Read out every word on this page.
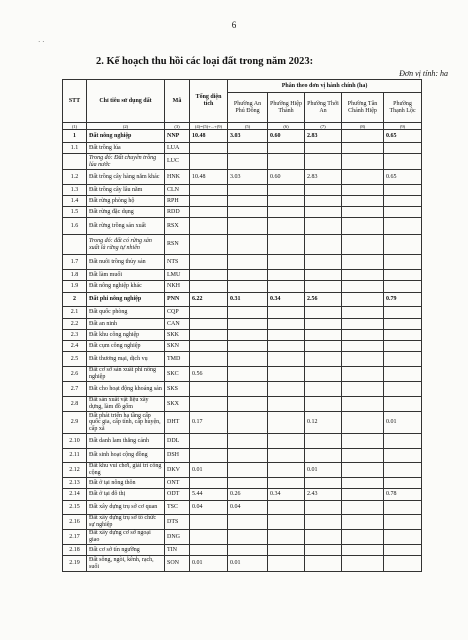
6
· ·
2. Kế hoạch thu hồi các loại đất trong năm 2023:
Đơn vị tính: ha
STT	Chỉ tiêu sử dụng đất	Mã	Tổng diện tích	Phân theo đơn vị hành chính (ha)				
				Phường An Phú Đông	Phường Hiệp Thành	Phường Thới An	Phường Tân Chánh Hiệp	Phường Thạnh Lộc
(1)	(2)	(3)	(4)=(5)+...+(9)	(5)	(6)	(7)	(8)	(9)
1	Đất nông nghiệp	NNP	10.48	3.03	0.60	2.83		0.65
1.1	Đất trồng lúa	LUA						
	Trong đó: Đất chuyên trồng lúa nước	LUC						
1.2	Đất trồng cây hàng năm khác	HNK	10.48	3.03	0.60	2.83		0.65
1.3	Đất trồng cây lâu năm	CLN						
1.4	Đất rừng phòng hộ	RPH						
1.5	Đất rừng đặc dụng	RDD						
1.6	Đất rừng trồng sản xuất	RSX						
	Trong đó: đất có rừng sản xuất là rừng tự nhiên	RSN						
1.7	Đất nuôi trồng thủy sản	NTS						
1.8	Đất làm muối	LMU						
1.9	Đất nông nghiệp khác	NKH						
2	Đất phi nông nghiệp	PNN	6.22	0.31	0.34	2.56		0.79
2.1	Đất quốc phòng	CQP						
2.2	Đất an ninh	CAN						
2.3	Đất khu công nghiệp	SKK						
2.4	Đất cụm công nghiệp	SKN						
2.5	Đất thương mại, dịch vụ	TMD						
2.6	Đất cơ sở sản xuất phi nông nghiệp	SKC	0.56					
2.7	Đất cho hoạt động khoáng sản	SKS						
2.8	Đất sản xuất vật liệu xây dựng, làm đồ gốm	SKX						
2.9	Đất phát triển hạ tầng cấp quốc gia, cấp tỉnh, cấp huyện, cấp xã	DHT	0.17			0.12		0.01
2.10	Đất danh lam thắng cảnh	DDL						
2.11	Đất sinh hoạt cộng đồng	DSH						
2.12	Đất khu vui chơi, giải trí công cộng	DKV	0.01			0.01		
2.13	Đất ở tại nông thôn	ONT						
2.14	Đất ở tại đô thị	ODT	5.44	0.26	0.34	2.43		0.78
2.15	Đất xây dựng trụ sở cơ quan	TSC	0.04	0.04				
2.16	Đất xây dựng trụ sở tổ chức sự nghiệp	DTS						
2.17	Đất xây dựng cơ sở ngoại giao	DNG						
2.18	Đất cơ sở tín ngưỡng	TIN						
2.19	Đất sông, ngòi, kênh, rạch, suối	SON	0.01	0.01				
